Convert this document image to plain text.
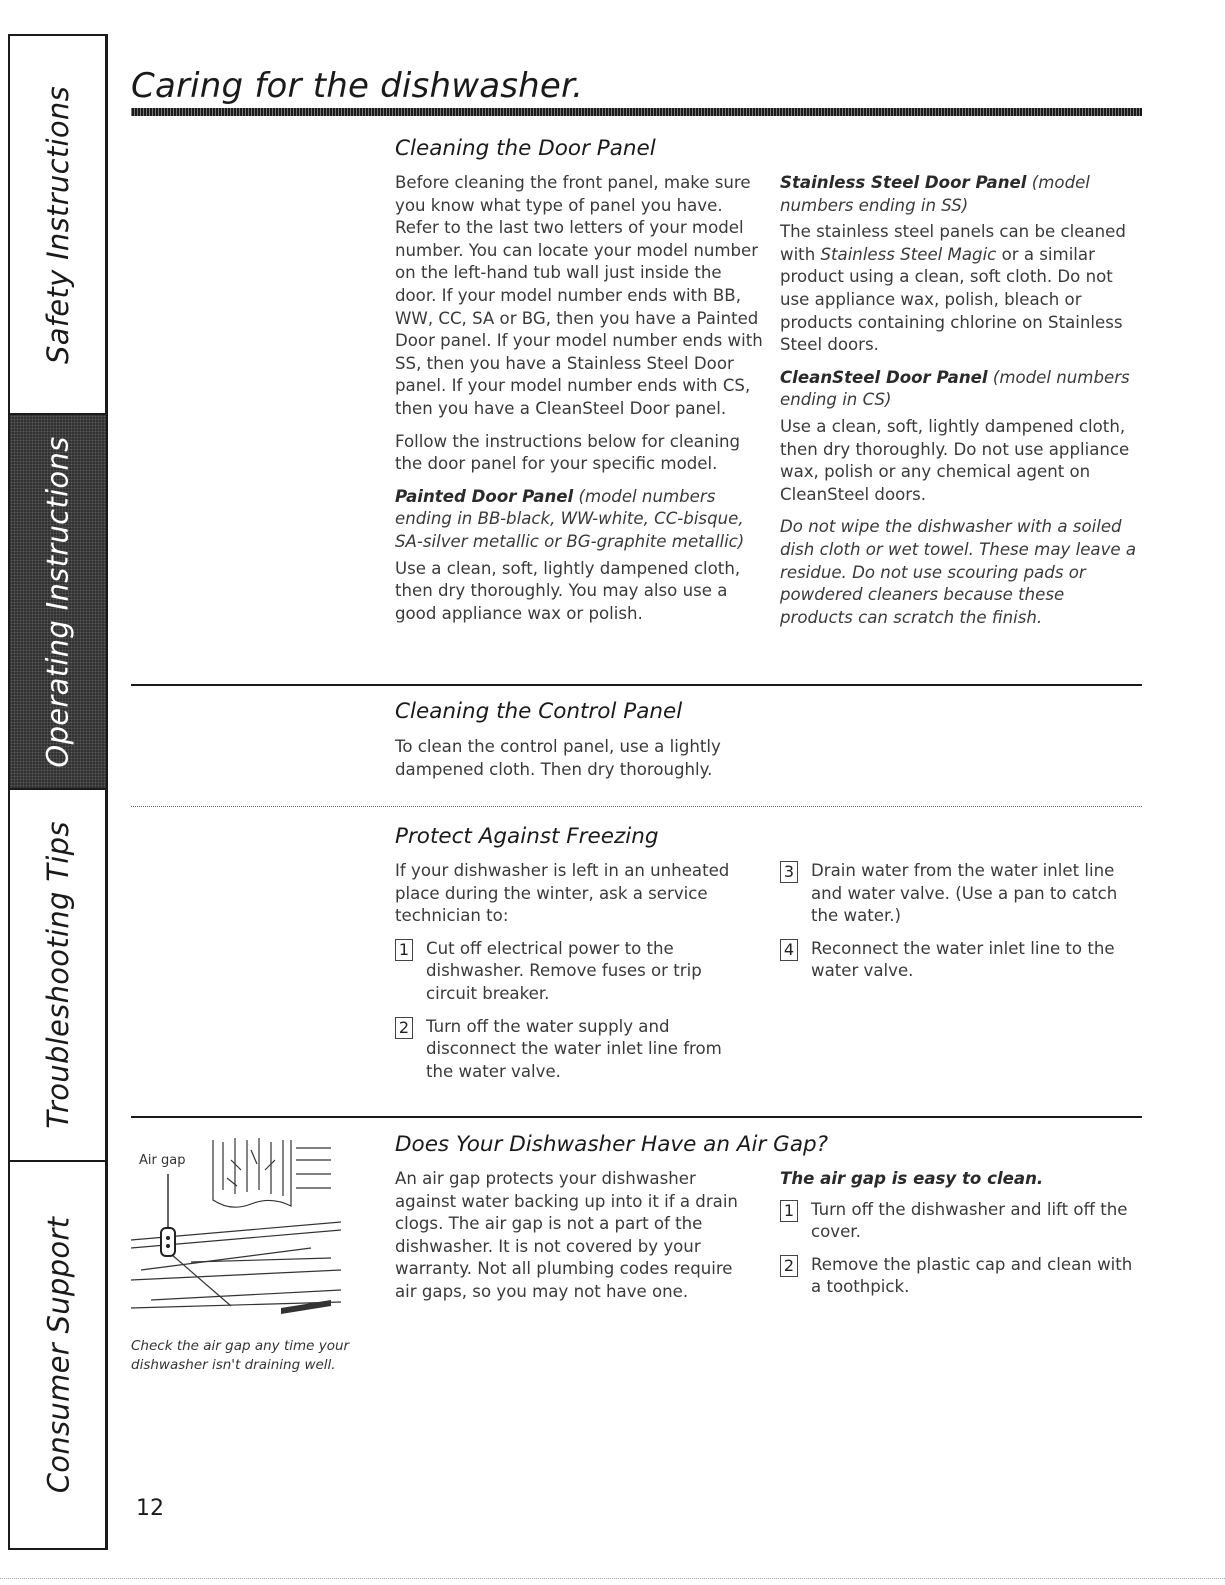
Safety Instructions
Operating Instructions
Troubleshooting Tips
Consumer Support
Caring for the dishwasher.
Cleaning the Door Panel

Before cleaning the front panel, make sure you know what type of panel you have. Refer to the last two letters of your model number. You can locate your model number on the left-hand tub wall just inside the door. If your model number ends with BB, WW, CC, SA or BG, then you have a Painted Door panel. If your model number ends with SS, then you have a Stainless Steel Door panel. If your model number ends with CS, then you have a CleanSteel Door panel.

Follow the instructions below for cleaning the door panel for your specific model.

Painted Door Panel (model numbers ending in BB-black, WW-white, CC-bisque, SA-silver metallic or BG-graphite metallic)

Use a clean, soft, lightly dampened cloth, then dry thoroughly. You may also use a good appliance wax or polish.

Stainless Steel Door Panel (model numbers ending in SS)

The stainless steel panels can be cleaned with Stainless Steel Magic or a similar product using a clean, soft cloth. Do not use appliance wax, polish, bleach or products containing chlorine on Stainless Steel doors.

CleanSteel Door Panel (model numbers ending in CS)

Use a clean, soft, lightly dampened cloth, then dry thoroughly. Do not use appliance wax, polish or any chemical agent on CleanSteel doors.

Do not wipe the dishwasher with a soiled dish cloth or wet towel. These may leave a residue. Do not use scouring pads or powdered cleaners because these products can scratch the finish.

Cleaning the Control Panel
To clean the control panel, use a lightly dampened cloth. Then dry thoroughly.
Protect Against Freezing

If your dishwasher is left in an unheated place during the winter, ask a service technician to:

1 Cut off electrical power to the dishwasher. Remove fuses or trip circuit breaker.
2 Turn off the water supply and disconnect the water inlet line from the water valve.
3 Drain water from the water inlet line and water valve. (Use a pan to catch the water.)
4 Reconnect the water inlet line to the water valve.
Does Your Dishwasher Have an Air Gap?
An air gap protects your dishwasher against water backing up into it if a drain clogs. The air gap is not a part of the dishwasher. It is not covered by your warranty. Not all plumbing codes require air gaps, so you may not have one.
The air gap is easy to clean.
1 Turn off the dishwasher and lift off the cover.
2 Remove the plastic cap and clean with a toothpick.
Air gap
Check the air gap any time your dishwasher isn't draining well.
12
